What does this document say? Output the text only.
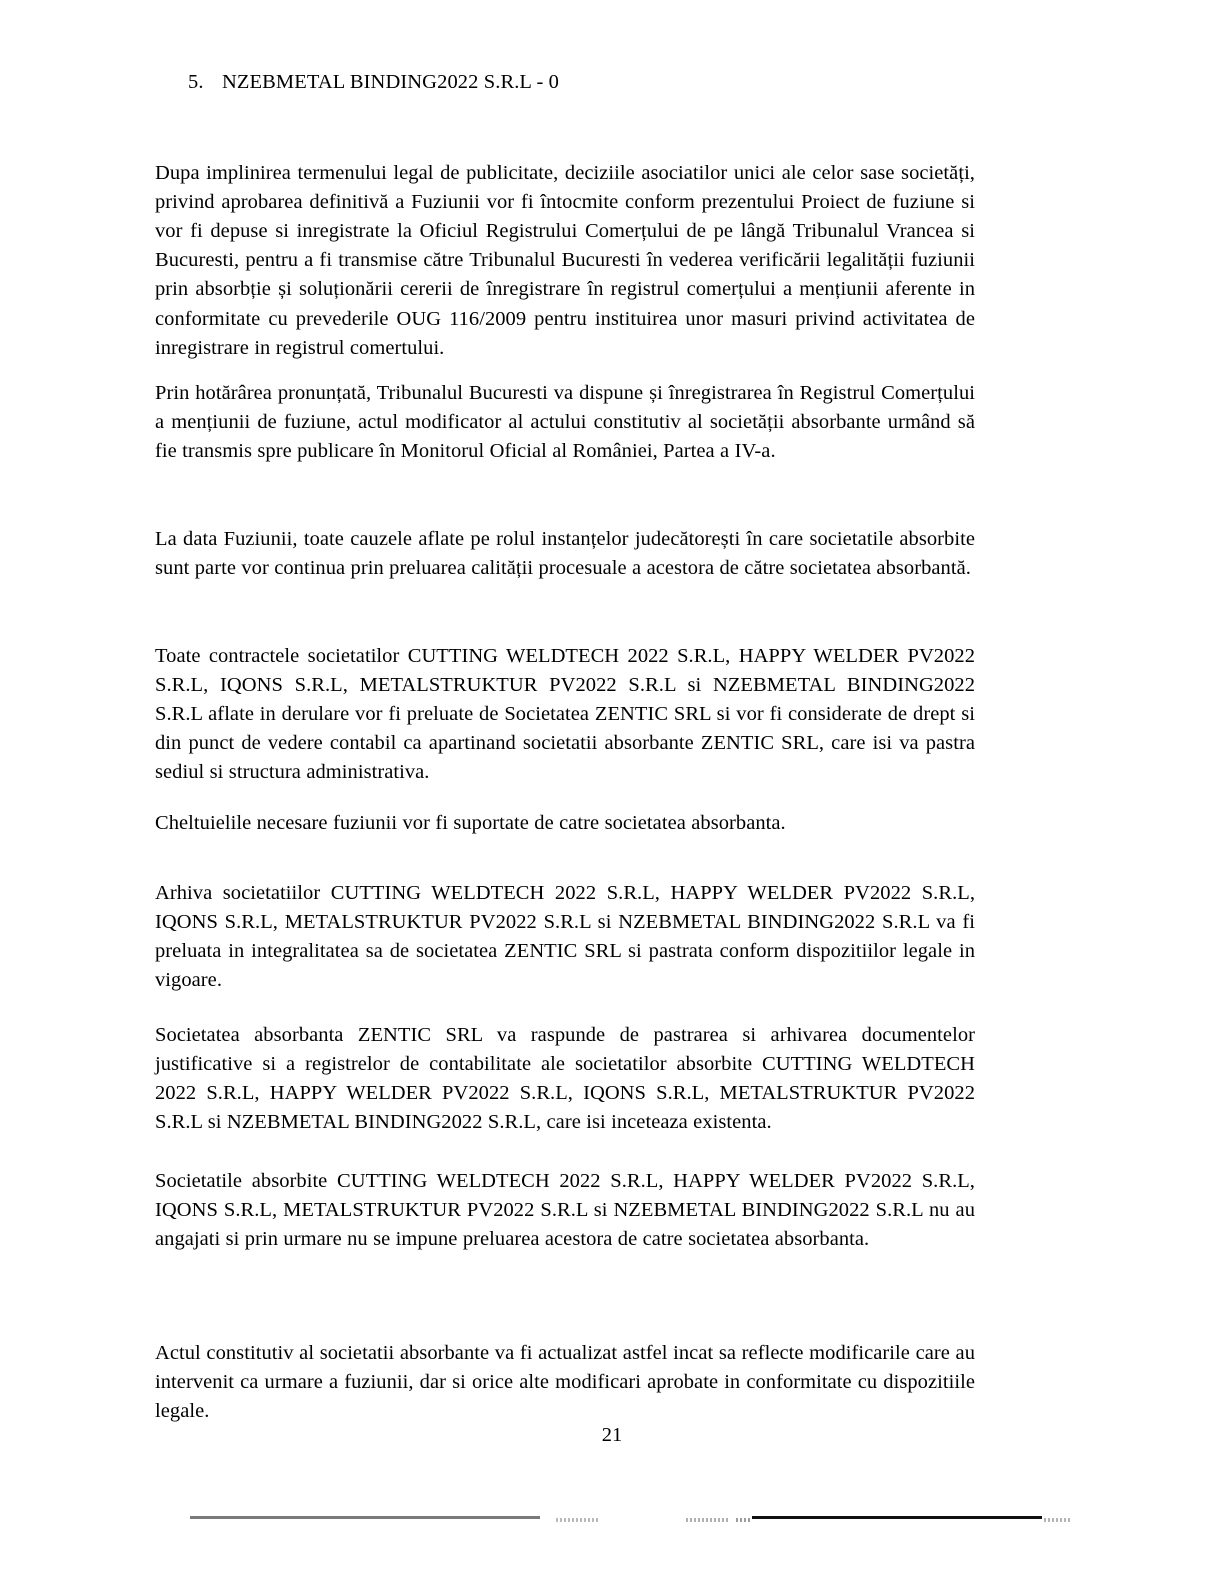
5. NZEBMETAL BINDING2022 S.R.L - 0

Dupa implinirea termenului legal de publicitate, deciziile asociatilor unici ale celor sase societăți, privind aprobarea definitivă a Fuziunii vor fi întocmite conform prezentului Proiect de fuziune si vor fi depuse si inregistrate la Oficiul Registrului Comerțului de pe lângă Tribunalul Vrancea si Bucuresti, pentru a fi transmise către Tribunalul Bucuresti în vederea verificării legalității fuziunii prin absorbție și soluționării cererii de înregistrare în registrul comerțului a mențiunii aferente in conformitate cu prevederile OUG 116/2009 pentru instituirea unor masuri privind activitatea de inregistrare in registrul comertului.

Prin hotărârea pronunțată, Tribunalul Bucuresti va dispune și înregistrarea în Registrul Comerțului a mențiunii de fuziune, actul modificator al actului constitutiv al societății absorbante urmând să fie transmis spre publicare în Monitorul Oficial al României, Partea a IV-a.

La data Fuziunii, toate cauzele aflate pe rolul instanțelor judecătorești în care societatile absorbite sunt parte vor continua prin preluarea calității procesuale a acestora de către societatea absorbantă.

Toate contractele societatilor CUTTING WELDTECH 2022 S.R.L, HAPPY WELDER PV2022 S.R.L, IQONS S.R.L, METALSTRUKTUR PV2022 S.R.L si NZEBMETAL BINDING2022 S.R.L aflate in derulare vor fi preluate de Societatea ZENTIC SRL si vor fi considerate de drept si din punct de vedere contabil ca apartinand societatii absorbante ZENTIC SRL, care isi va pastra sediul si structura administrativa.

Cheltuielile necesare fuziunii vor fi suportate de catre societatea absorbanta.

Arhiva societatiilor CUTTING WELDTECH 2022 S.R.L, HAPPY WELDER PV2022 S.R.L, IQONS S.R.L, METALSTRUKTUR PV2022 S.R.L si NZEBMETAL BINDING2022 S.R.L va fi preluata in integralitatea sa de societatea ZENTIC SRL si pastrata conform dispozitiilor legale in vigoare.

Societatea absorbanta ZENTIC SRL va raspunde de pastrarea si arhivarea documentelor justificative si a registrelor de contabilitate ale societatilor absorbite CUTTING WELDTECH 2022 S.R.L, HAPPY WELDER PV2022 S.R.L, IQONS S.R.L, METALSTRUKTUR PV2022 S.R.L si NZEBMETAL BINDING2022 S.R.L, care isi inceteaza existenta.

Societatile absorbite CUTTING WELDTECH 2022 S.R.L, HAPPY WELDER PV2022 S.R.L, IQONS S.R.L, METALSTRUKTUR PV2022 S.R.L si NZEBMETAL BINDING2022 S.R.L nu au angajati si prin urmare nu se impune preluarea acestora de catre societatea absorbanta.

Actul constitutiv al societatii absorbante va fi actualizat astfel incat sa reflecte modificarile care au intervenit ca urmare a fuziunii, dar si orice alte modificari aprobate in conformitate cu dispozitiile legale.

21
